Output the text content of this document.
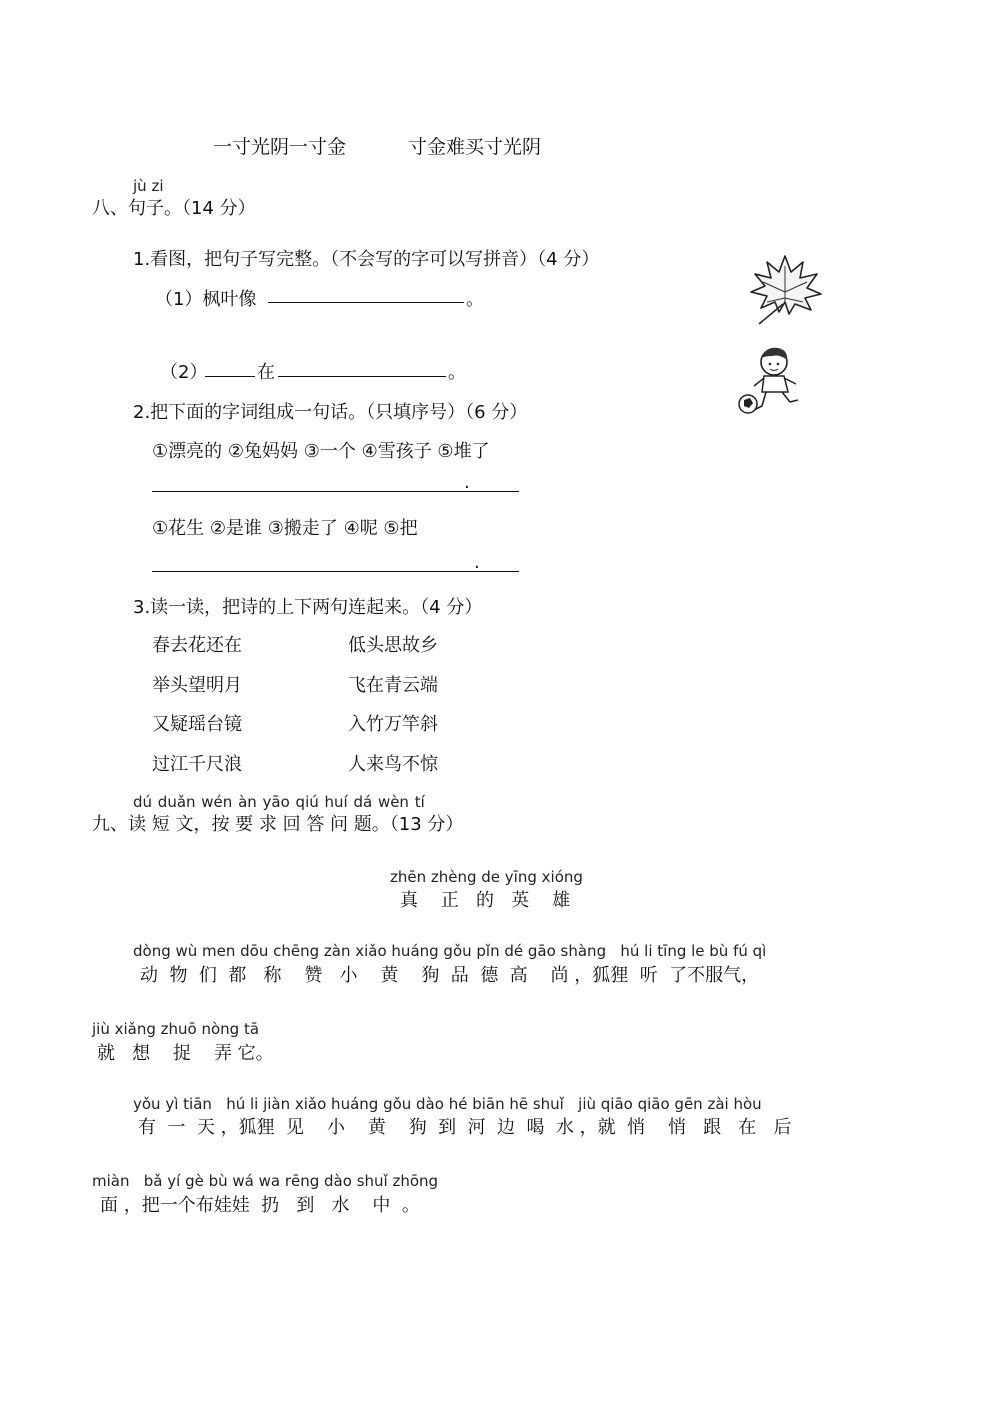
一寸光阴一寸金	寸金难买寸光阴
jù zi
八、句子。（14 分）
1.看图，把句子写完整。（不会写的字可以写拼音）（4 分）
（1）枫叶像	。
（2）	在	。
2.把下面的字词组成一句话。（只填序号）（6 分）
①漂亮的 ②兔妈妈 ③一个 ④雪孩子 ⑤堆了
.
①花生 ②是谁 ③搬走了 ④呢 ⑤把
.
3.读一读，把诗的上下两句连起来。（4 分）
春去花还在	低头思故乡
举头望明月	飞在青云端
又疑瑶台镜	入竹万竿斜
过江千尺浪	人来鸟不惊
dú duǎn wén àn yāo qiú huí dá wèn tí
九、读 短 文，按 要 求 回 答 问 题。（13 分）
zhēn zhèng de yīng xióng
真    正   的   英    雄
dòng wù men dōu chēng zàn xiǎo huáng gǒu pǐn dé gāo shàng   hú li tīng le bù fú qì
动  物  们  都   称    赞   小    黄    狗  品  德  高    尚 ，狐狸  听  了不服气，
jiù xiǎng zhuō nòng tā
就   想    捉    弄 它。
yǒu yì tiān   hú li jiàn xiǎo huáng gǒu dào hé biān hē shuǐ   jiù qiāo qiāo gēn zài hòu
有  一  天 ，狐狸  见    小    黄    狗  到  河  边  喝  水 ，就  悄    悄   跟   在   后
miàn   bǎ yí gè bù wá wa rēng dào shuǐ zhōng
面 ，把一个布娃娃  扔   到   水    中  。
